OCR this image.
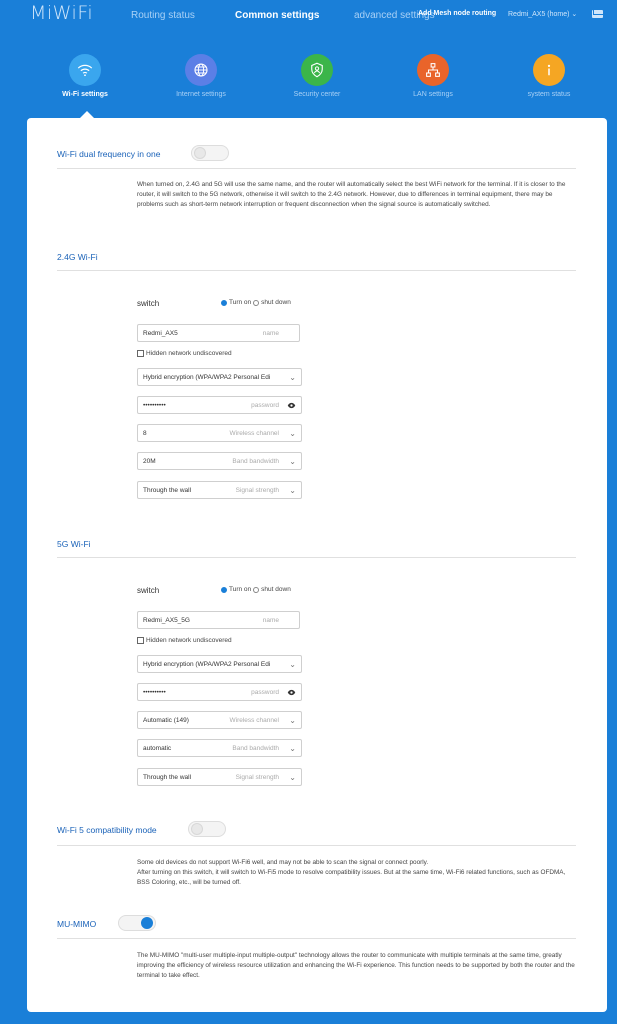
MiWiFi	Routing status	Common settings	advanced settings
Add Mesh node routing Redmi_AX5 (home) ⌄
Wi-Fi settings	Internet settings	Security center	LAN settings	system status
Wi-Fi dual frequency in one
When turned on, 2.4G and 5G will use the same name, and the router will automatically select the best WiFi network for the terminal. If it is closer to the router, it will switch to the 5G network, otherwise it will switch to the 2.4G network. However, due to differences in terminal equipment, there may be problems such as short-term network interruption or frequent disconnection when the signal source is automatically switched.
2.4G Wi-Fi
switch	Turn on shut down
Redmi_AX5	name
Hidden network undiscovered
Hybrid encryption (WPA/WPA2 Personal Edi ⌄
••••••••••	password
8	Wireless channel ⌄
20M	Band bandwidth ⌄
Through the wall	Signal strength ⌄
5G Wi-Fi
switch	Turn on shut down
Redmi_AX5_5G	name
Hidden network undiscovered
Hybrid encryption (WPA/WPA2 Personal Edi ⌄
••••••••••	password
Automatic (149)	Wireless channel ⌄
automatic	Band bandwidth ⌄
Through the wall	Signal strength ⌄
Wi-Fi 5 compatibility mode
Some old devices do not support Wi-Fi6 well, and may not be able to scan the signal or connect poorly.
After turning on this switch, it will switch to Wi-Fi5 mode to resolve compatibility issues. But at the same time, Wi-Fi6 related functions, such as OFDMA, BSS Coloring, etc., will be turned off.
MU-MIMO
The MU-MIMO "multi-user multiple-input multiple-output" technology allows the router to communicate with multiple terminals at the same time, greatly improving the efficiency of wireless resource utilization and enhancing the Wi-Fi experience. This function needs to be supported by both the router and the terminal to take effect.
